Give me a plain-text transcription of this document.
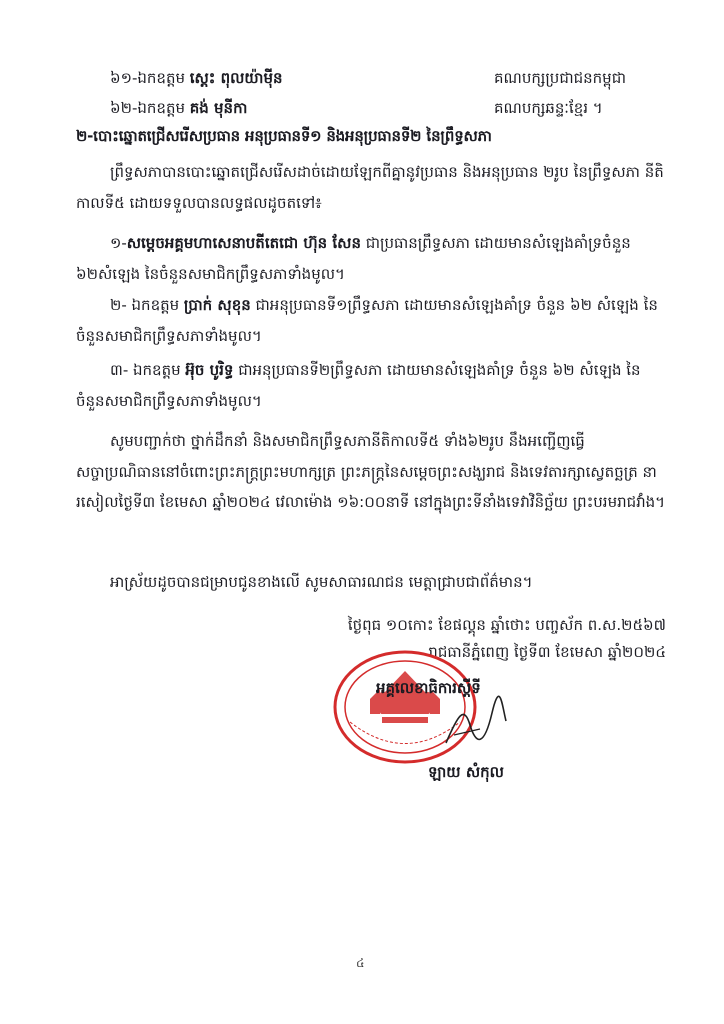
៦១-ឯកឧត្តម ស្តេះ ពុលយ៉ាម៉ីន	គណបក្សប្រជាជនកម្ពុជា
៦២-ឯកឧត្តម គង់ មុនីកា	គណបក្សឆន្ទៈខ្មែរ ។
២-បោះឆ្នោតជ្រើសរើសប្រធាន អនុប្រធានទី១ និងអនុប្រធានទី២ នៃព្រឹទ្ធសភា
ព្រឹទ្ធសភាបានបោះឆ្នោតជ្រើសរើសដាច់ដោយឡែកពីគ្នានូវប្រធាន និងអនុប្រធាន ២រូប នៃព្រឹទ្ធសភា នីតិកាលទី៥ ដោយទទួលបានលទ្ធផលដូចតទៅ៖
១-សម្តេចអគ្គមហាសេនាបតីតេជោ ហ៊ុន សែន ជាប្រធានព្រឹទ្ធសភា ដោយមានសំឡេងគាំទ្រចំនួន ៦២សំឡេង នៃចំនួនសមាជិកព្រឹទ្ធសភាទាំងមូល។
២- ឯកឧត្តម ប្រាក់ សុខុន ជាអនុប្រធានទី១ព្រឹទ្ធសភា ដោយមានសំឡេងគាំទ្រ ចំនួន ៦២ សំឡេង នៃចំនួនសមាជិកព្រឹទ្ធសភាទាំងមូល។
៣- ឯកឧត្តម អ៊ុច បូរិទ្ធ ជាអនុប្រធានទី២ព្រឹទ្ធសភា ដោយមានសំឡេងគាំទ្រ ចំនួន ៦២ សំឡេង នៃចំនួនសមាជិកព្រឹទ្ធសភាទាំងមូល។
សូមបញ្ជាក់ថា ថ្នាក់ដឹកនាំ និងសមាជិកព្រឹទ្ធសភានីតិកាលទី៥ ទាំង៦២រូប នឹងអញ្ជើញធ្វើសច្ចាប្រណិធាននៅចំពោះព្រះភក្ត្រព្រះមហាក្សត្រ ព្រះភក្ត្រនៃសម្តេចព្រះសង្ឃរាជ និងទេវតារក្សាស្វេតច្ឆត្រ នារសៀលថ្ងៃទី៣ ខែមេសា ឆ្នាំ២០២៤ វេលាម៉ោង ១៦:០០នាទី នៅក្នុងព្រះទីនាំងទេវាវិនិច្ឆ័យ ព្រះបរមរាជវាំង។
អាស្រ័យដូចបានជម្រាបជូនខាងលើ សូមសាធារណជន មេត្តាជ្រាបជាព័ត៌មាន។
ថ្ងៃពុធ ១០កោះ ខែផល្គុន ឆ្នាំថោះ បញ្ចស័ក ព.ស.២៥៦៧
រាជធានីភ្នំពេញ ថ្ងៃទី៣ ខែមេសា ឆ្នាំ២០២៤
អគ្គលេខាធិការស្តីទី
ឡាយ សំកុល
៤
